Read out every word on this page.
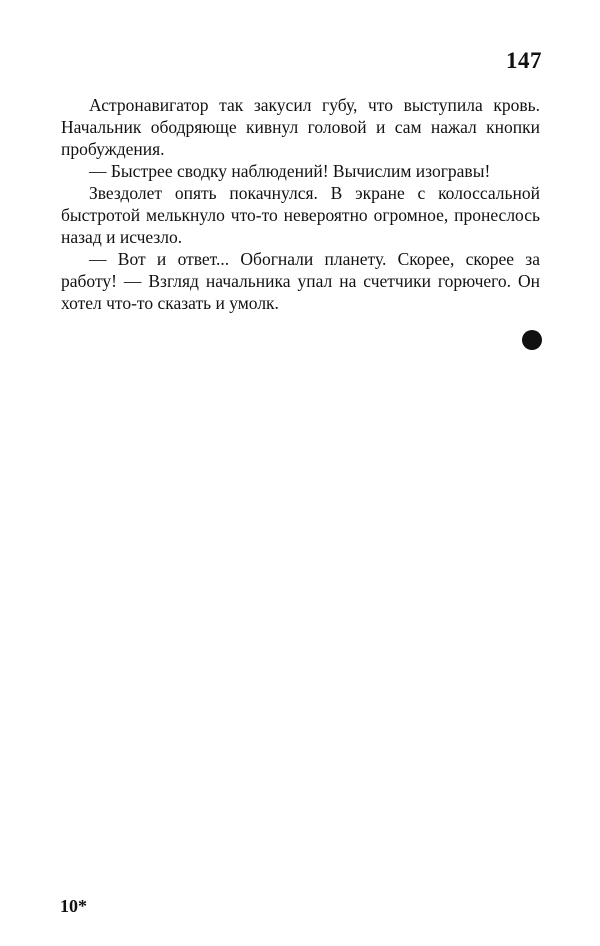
147

Астронавигатор так закусил губу, что выступила кровь. Начальник ободряюще кивнул головой и сам нажал кнопки пробуждения.

— Быстрее сводку наблюдений! Вычислим изогравы!

Звездолет опять покачнулся. В экране с колоссальной быстротой мелькнуло что-то невероятно огромное, пронеслось назад и исчезло.

— Вот и ответ... Обогнали планету. Скорее, скорее за работу! — Взгляд начальника упал на счетчики горючего. Он хотел что-то сказать и умолк.

10*
